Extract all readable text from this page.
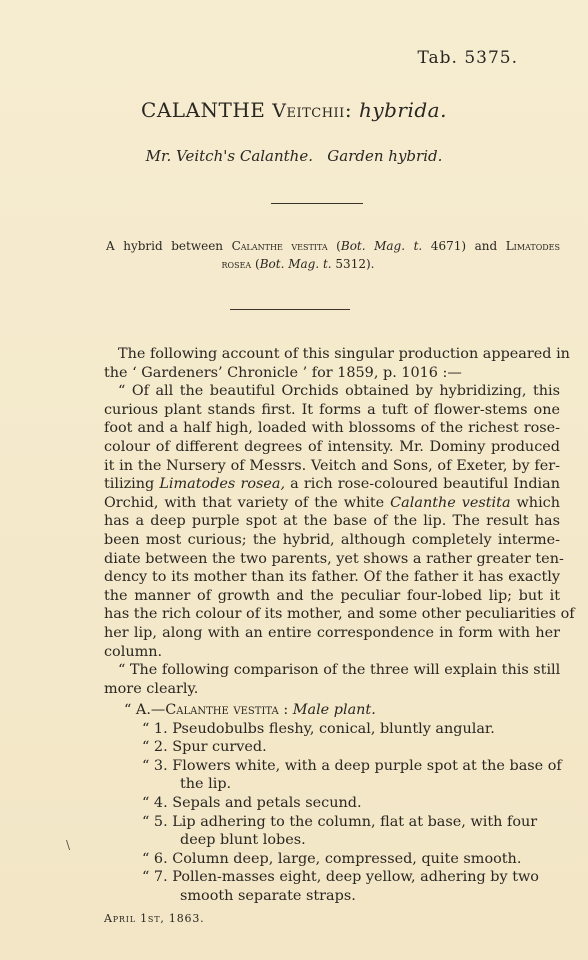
Tab. 5375.
CALANTHE Veitchii: hybrida.
Mr. Veitch's Calanthe.   Garden hybrid.
A hybrid between Calanthe vestita (Bot. Mag. t. 4671) and Limatodes
rosea (Bot. Mag. t. 5312).
The following account of this singular production appeared in
the ‘ Gardeners’ Chronicle ’ for 1859, p. 1016 :—
“ Of all the beautiful Orchids obtained by hybridizing, this
curious plant stands first. It forms a tuft of flower-stems one
foot and a half high, loaded with blossoms of the richest rose-
colour of different degrees of intensity. Mr. Dominy produced
it in the Nursery of Messrs. Veitch and Sons, of Exeter, by fer-
tilizing Limatodes rosea, a rich rose-coloured beautiful Indian
Orchid, with that variety of the white Calanthe vestita which
has a deep purple spot at the base of the lip. The result has
been most curious; the hybrid, although completely interme-
diate between the two parents, yet shows a rather greater ten-
dency to its mother than its father. Of the father it has exactly
the manner of growth and the peculiar four-lobed lip; but it
has the rich colour of its mother, and some other peculiarities of
her lip, along with an entire correspondence in form with her
column.
“ The following comparison of the three will explain this still
more clearly.
“ A.—Calanthe vestita : Male plant.
“ 1. Pseudobulbs fleshy, conical, bluntly angular.
“ 2. Spur curved.
“ 3. Flowers white, with a deep purple spot at the base of
the lip.
“ 4. Sepals and petals secund.
“ 5. Lip adhering to the column, flat at base, with four
deep blunt lobes.
“ 6. Column deep, large, compressed, quite smooth.
“ 7. Pollen-masses eight, deep yellow, adhering by two
smooth separate straps.
\
April 1st, 1863.
